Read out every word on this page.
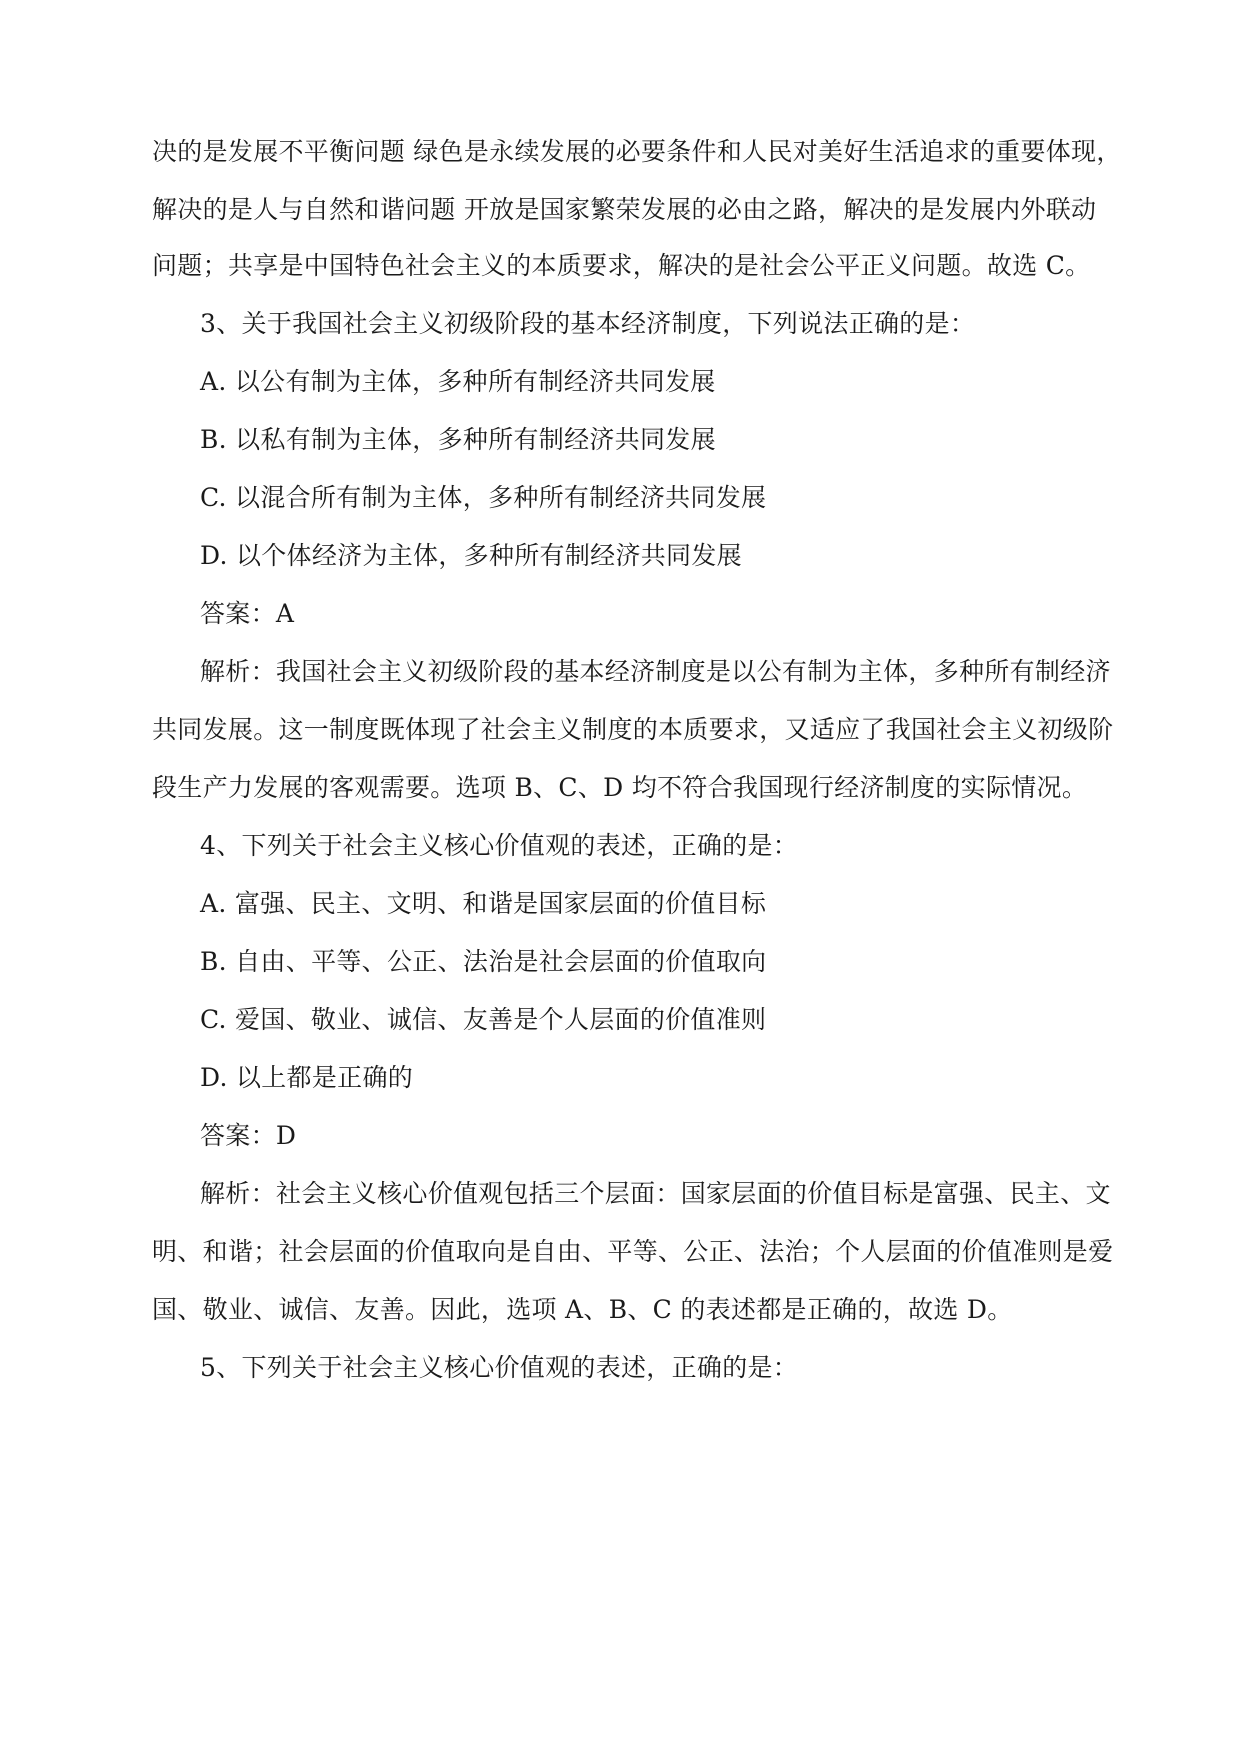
决的是发展不平衡问题 绿色是永续发展的必要条件和人民对美好生活追求的重要体现，
解决的是人与自然和谐问题 开放是国家繁荣发展的必由之路，解决的是发展内外联动
问题；共享是中国特色社会主义的本质要求，解决的是社会公平正义问题。故选 C。
3、关于我国社会主义初级阶段的基本经济制度，下列说法正确的是：
A. 以公有制为主体，多种所有制经济共同发展
B. 以私有制为主体，多种所有制经济共同发展
C. 以混合所有制为主体，多种所有制经济共同发展
D. 以个体经济为主体，多种所有制经济共同发展
答案：A
解析：我国社会主义初级阶段的基本经济制度是以公有制为主体，多种所有制经济
共同发展。这一制度既体现了社会主义制度的本质要求，又适应了我国社会主义初级阶
段生产力发展的客观需要。选项 B、C、D 均不符合我国现行经济制度的实际情况。
4、下列关于社会主义核心价值观的表述，正确的是：
A. 富强、民主、文明、和谐是国家层面的价值目标
B. 自由、平等、公正、法治是社会层面的价值取向
C. 爱国、敬业、诚信、友善是个人层面的价值准则
D. 以上都是正确的
答案：D
解析：社会主义核心价值观包括三个层面：国家层面的价值目标是富强、民主、文
明、和谐；社会层面的价值取向是自由、平等、公正、法治；个人层面的价值准则是爱
国、敬业、诚信、友善。因此，选项 A、B、C 的表述都是正确的，故选 D。
5、下列关于社会主义核心价值观的表述，正确的是：
